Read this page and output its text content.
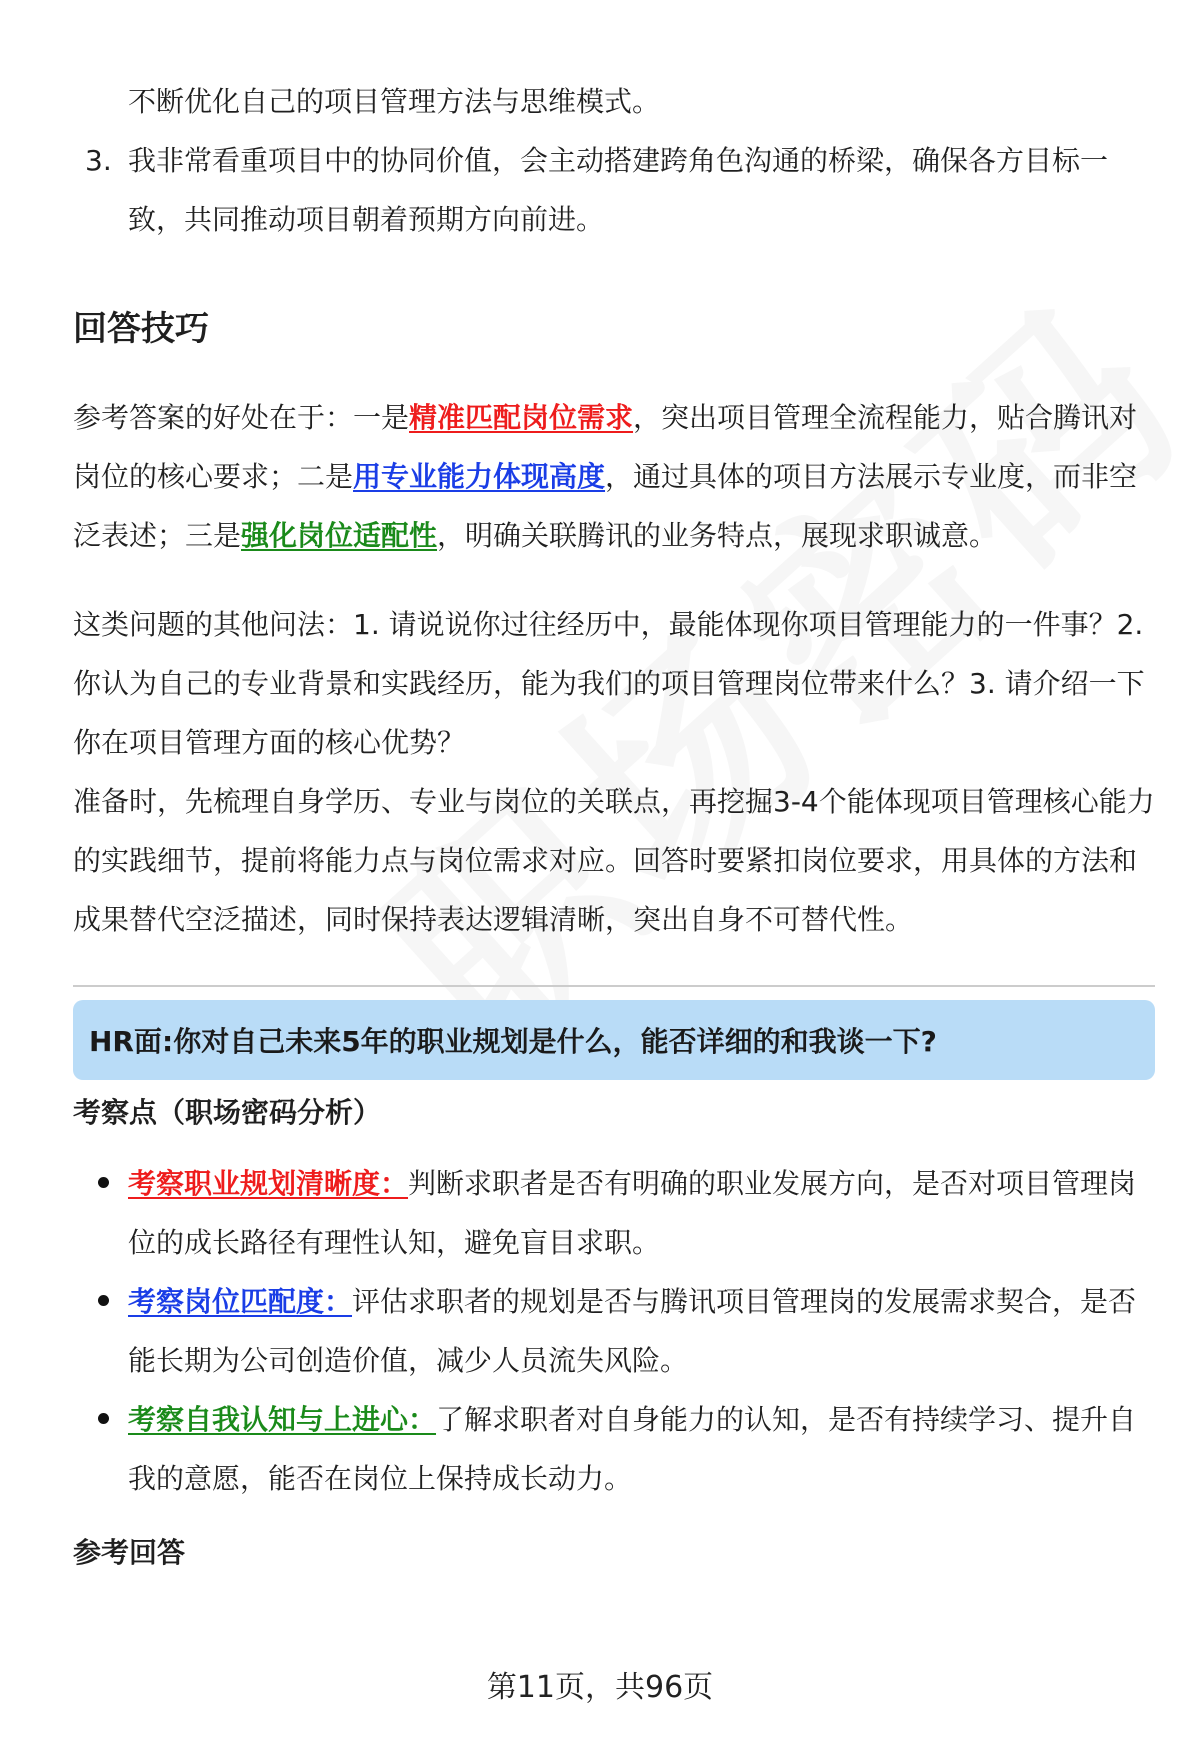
不断优化自己的项目管理方法与思维模式。
3. 我非常看重项目中的协同价值，会主动搭建跨角色沟通的桥梁，确保各方目标一致，共同推动项目朝着预期方向前进。
回答技巧

参考答案的好处在于：一是精准匹配岗位需求，突出项目管理全流程能力，贴合腾讯对岗位的核心要求；二是用专业能力体现高度，通过具体的项目方法展示专业度，而非空泛表述；三是强化岗位适配性，明确关联腾讯的业务特点，展现求职诚意。

这类问题的其他问法：1. 请说说你过往经历中，最能体现你项目管理能力的一件事？2. 你认为自己的专业背景和实践经历，能为我们的项目管理岗位带来什么？3. 请介绍一下你在项目管理方面的核心优势？

准备时，先梳理自身学历、专业与岗位的关联点，再挖掘3-4个能体现项目管理核心能力的实践细节，提前将能力点与岗位需求对应。回答时要紧扣岗位要求，用具体的方法和成果替代空泛描述，同时保持表达逻辑清晰，突出自身不可替代性。

HR面:你对自己未来5年的职业规划是什么，能否详细的和我谈一下?
考察点（职场密码分析）
考察职业规划清晰度：判断求职者是否有明确的职业发展方向，是否对项目管理岗位的成长路径有理性认知，避免盲目求职。
考察岗位匹配度：评估求职者的规划是否与腾讯项目管理岗的发展需求契合，是否能长期为公司创造价值，减少人员流失风险。
考察自我认知与上进心：了解求职者对自身能力的认知，是否有持续学习、提升自我的意愿，能否在岗位上保持成长动力。
参考回答
第11页，共96页
